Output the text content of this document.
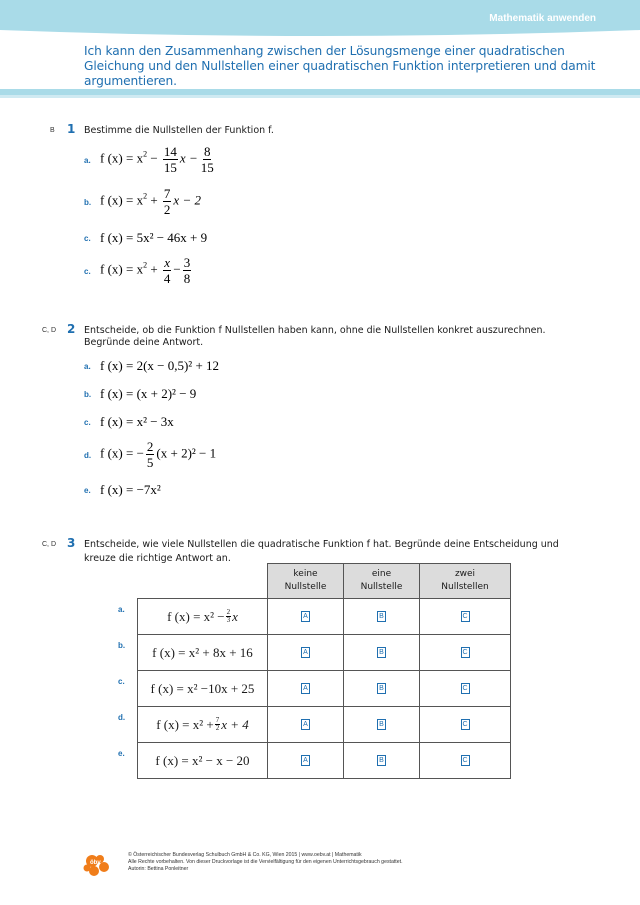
Mathematik anwenden
Ich kann den Zusammenhang zwischen der Lösungsmenge einer quadratischen Gleichung und den Nullstellen einer quadratischen Funktion interpretieren und damit argumentieren.
B 1 Bestimme die Nullstellen der Funktion f.
a. f $(x) = x^2 - \frac{14}{15}$ $x - \frac{8}{15}$
b. f $(x) = x^2 + \frac{7}{2}$ x − 2
c. f (x) = 5x² − 46x + 9
c. f $(x) = x^2 + \frac{x}{4} - \frac{3}{8}$
C, D 2 Entscheide, ob die Funktion f Nullstellen haben kann, ohne die Nullstellen konkret auszurechnen.
Begründe deine Antwort.
a. f (x) = 2(x − 0,5)² + 12
b. f (x) = (x + 2)² − 9
c. f (x) = x² − 3x
d. f (x) = − $\frac{2}{5} (x + 2)^2 - 1$
e. f (x) = −7x²
C, D 3 Entscheide, wie viele Nullstellen die quadratische Funktion f hat. Begründe deine Entscheidung und
kreuze die richtige Antwort an.
keine
Nullstelle
eine
Nullstelle
zwei
Nullstellen
a.	f $(x) = x^2 - \frac{2}{3}$ x	A	B	C
b.	f (x) = x² + 8x + 16	A	B	C
c.	f (x) = x² −10x + 25	A	B	C
d. f $(x) = x^2 + \frac{7}{2}$ x + 4	A	B	C
e.	f (x) = x² − x − 20	A	B	C
öbv
© Österreichischer Bundesverlag Schulbuch GmbH & Co. KG, Wien 2015 | www.oebv.at | Mathematik
Alle Rechte vorbehalten. Von dieser Druckvorlage ist die Vervielfältigung für den eigenen Unterrichtsgebrauch gestattet.
Autorin: Bettina Ponleitner
